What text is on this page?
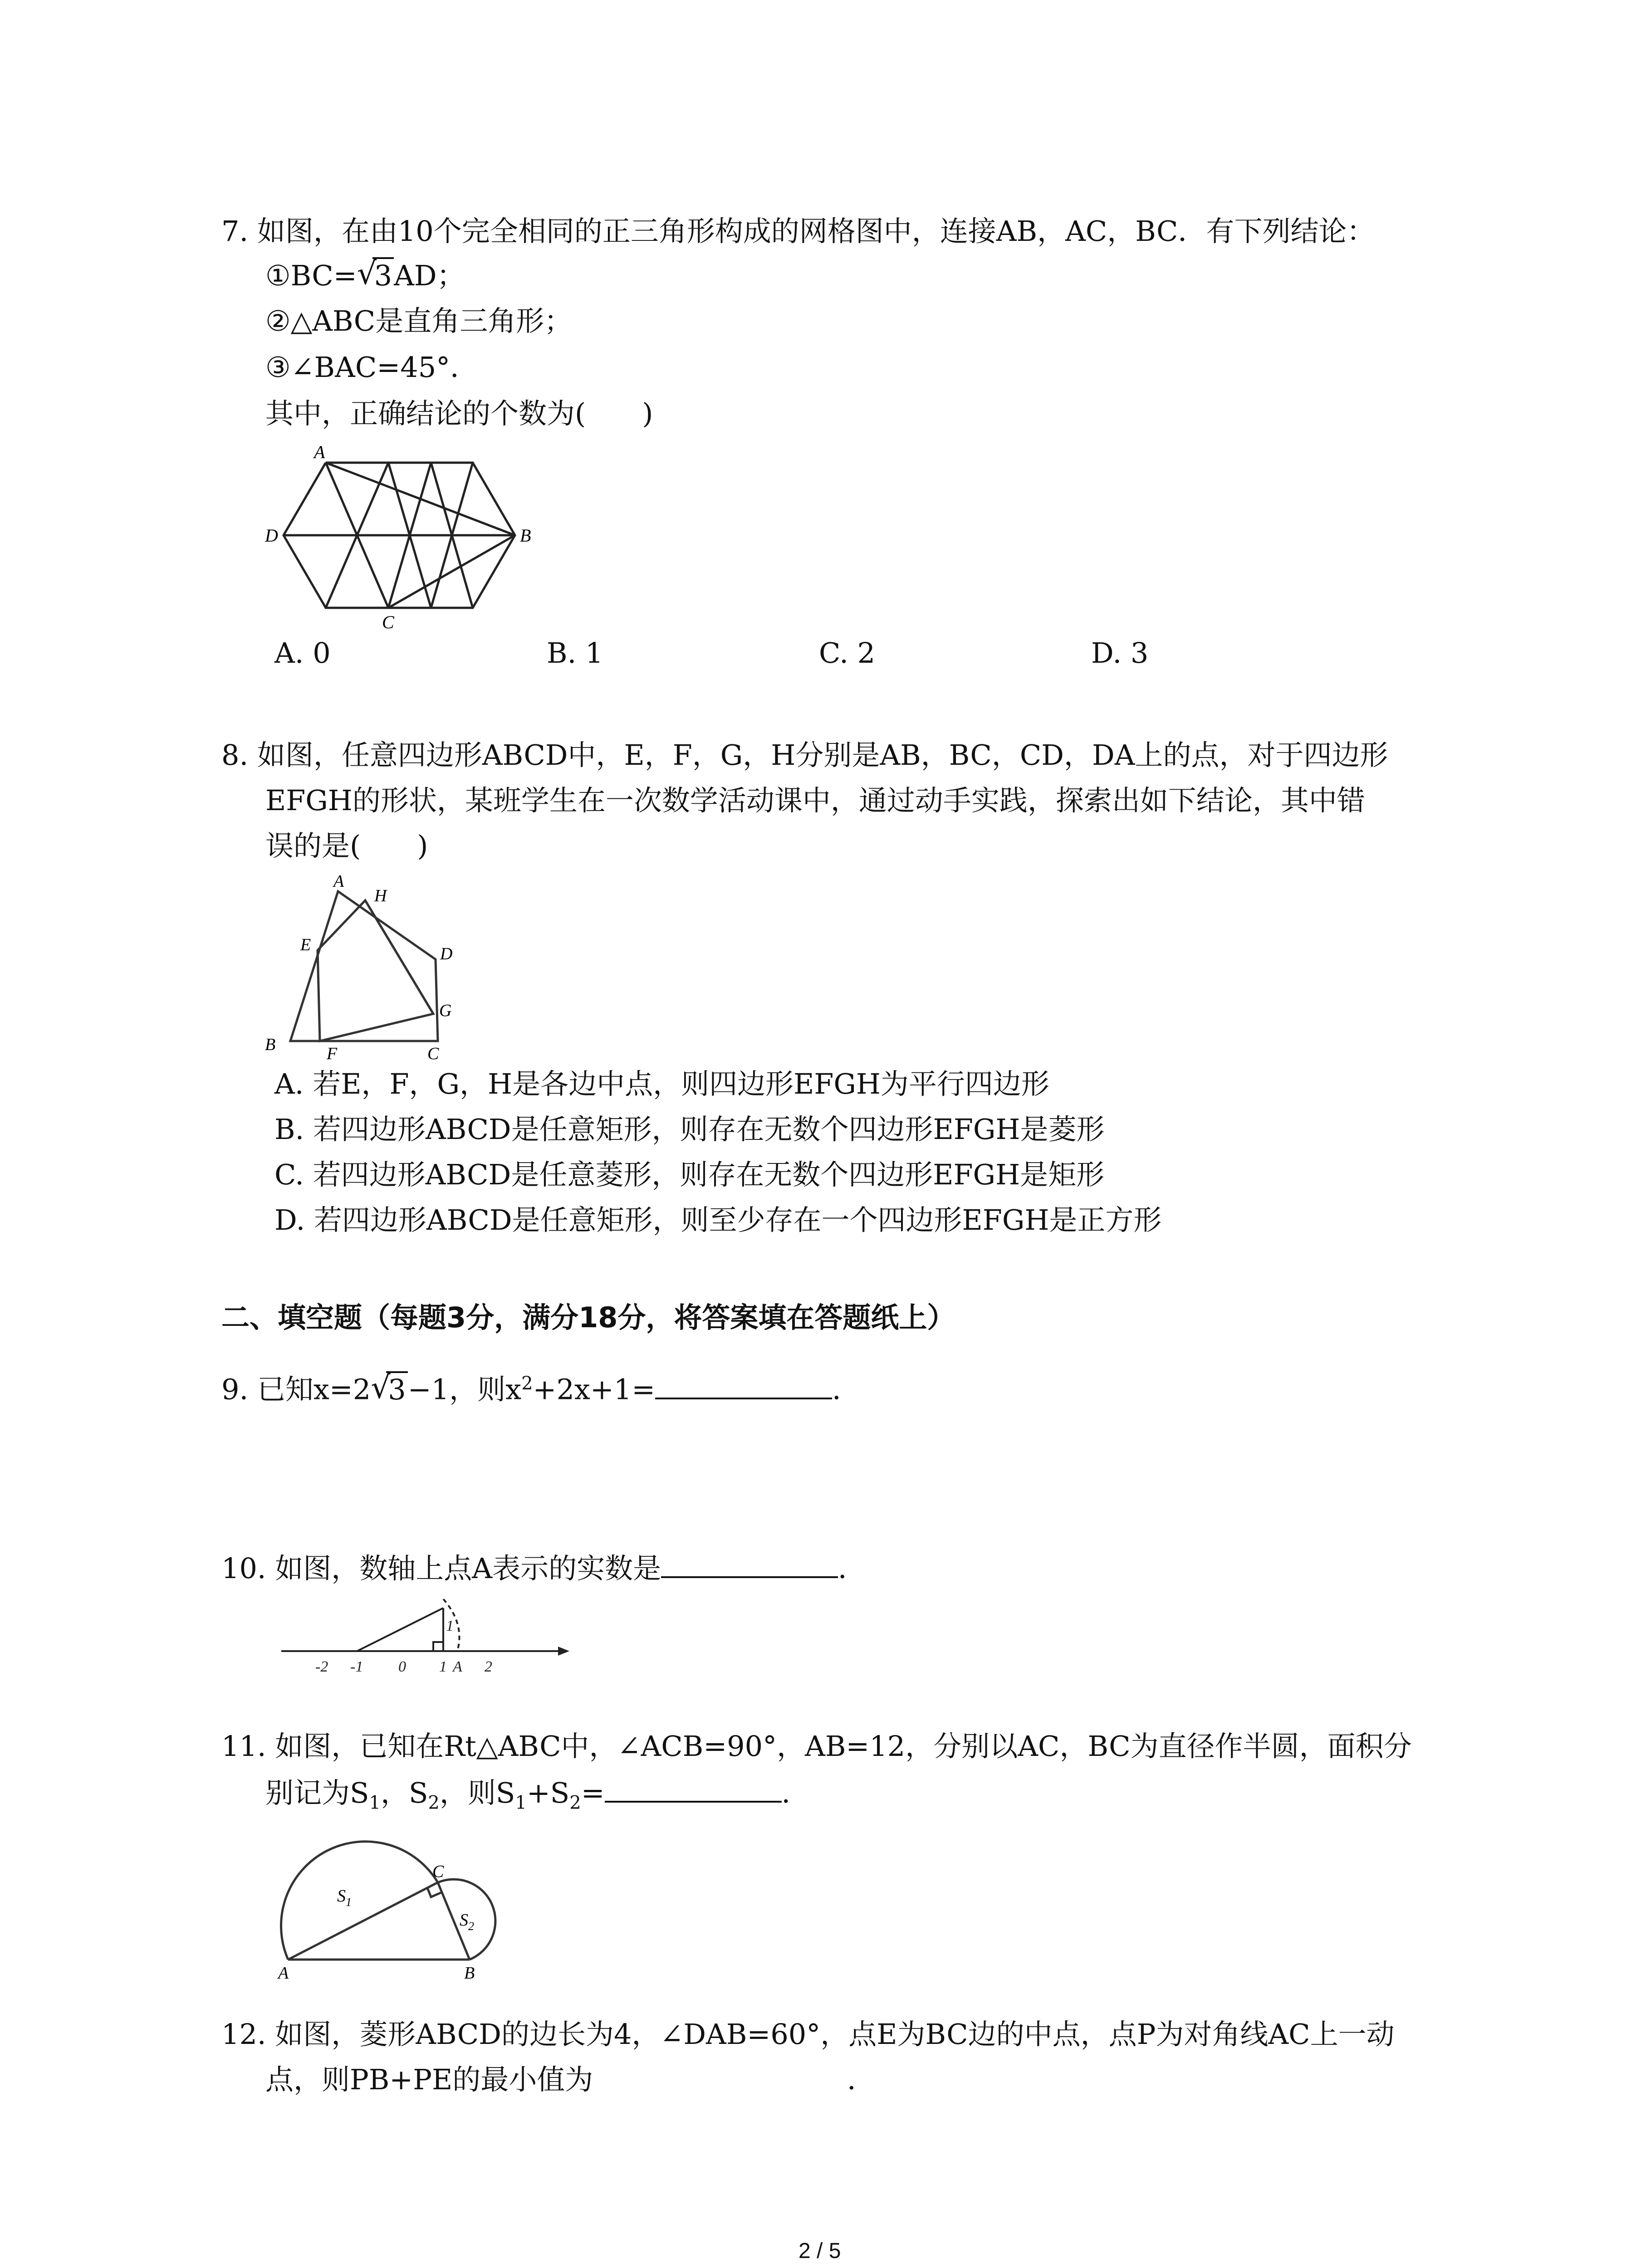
7. 如图，在由10个完全相同的正三角形构成的网格图中，连接AB，AC，BC．有下列结论：
①BC= √ 3AD；
②△ABC是直角三角形；
③∠BAC=45°．
其中，正确结论的个数为(　　)
A
D	B
C
A. 0	B. 1	C. 2	D. 3
8. 如图，任意四边形ABCD中，E，F，G，H分别是AB，BC，CD，DA上的点，对于四边形
EFGH的形状，某班学生在一次数学活动课中，通过动手实践，探索出如下结论，其中错
误的是(　　)
A
H
D
E
G
B	F	C
A. 若E，F，G，H是各边中点，则四边形EFGH为平行四边形
B. 若四边形ABCD是任意矩形，则存在无数个四边形EFGH是菱形
C. 若四边形ABCD是任意菱形，则存在无数个四边形EFGH是矩形
D. 若四边形ABCD是任意矩形，则至少存在一个四边形EFGH是正方形
二、填空题（每题3分，满分18分，将答案填在答题纸上）
9. 已知x=2 √ 3−1，则$x^2+2x+1=$	．
10. 如图，数轴上点A表示的实数是	．
-2 -1 0 1 2
A
1
11. 如图，已知在Rt△ABC中，∠ACB=90°，AB=12，分别以AC，BC为直径作半圆，面积分
别记为$S_1$，$S_2$，则$S_1+S_2=$	．
$S_1$
$S_2$
C
A	B
12. 如图，菱形ABCD的边长为4，∠DAB=60°，点E为BC边的中点，点P为对角线AC上一动
点，则PB+PE的最小值为	．
2 / 5
